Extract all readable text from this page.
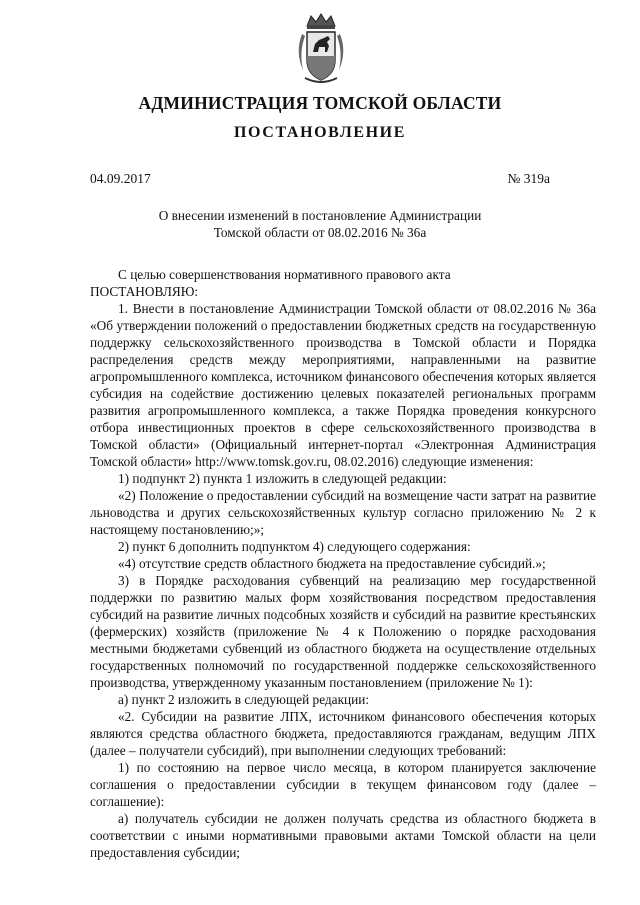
АДМИНИСТРАЦИЯ ТОМСКОЙ ОБЛАСТИ
ПОСТАНОВЛЕНИЕ
04.09.2017	№ 319а
О внесении изменений в постановление Администрации
Томской области от 08.02.2016 № 36а
С целью совершенствования нормативного правового акта
ПОСТАНОВЛЯЮ:
1. Внести в постановление Администрации Томской области от 08.02.2016 № 36а «Об утверждении положений о предоставлении бюджетных средств на государственную поддержку сельскохозяйственного производства в Томской области и Порядка распределения средств между мероприятиями, направленными на развитие агропромышленного комплекса, источником финансового обеспечения которых является субсидия на содействие достижению целевых показателей региональных программ развития агропромышленного комплекса, а также Порядка проведения конкурсного отбора инвестиционных проектов в сфере сельскохозяйственного производства в Томской области» (Официальный интернет-портал «Электронная Администрация Томской области» http://www.tomsk.gov.ru, 08.02.2016) следующие изменения:
1) подпункт 2) пункта 1 изложить в следующей редакции:
«2) Положение о предоставлении субсидий на возмещение части затрат на развитие льноводства и других сельскохозяйственных культур согласно приложению № 2 к настоящему постановлению;»;
2) пункт 6 дополнить подпунктом 4) следующего содержания:
«4) отсутствие средств областного бюджета на предоставление субсидий.»;
3) в Порядке расходования субвенций на реализацию мер государственной поддержки по развитию малых форм хозяйствования посредством предоставления субсидий на развитие личных подсобных хозяйств и субсидий на развитие крестьянских (фермерских) хозяйств (приложение № 4 к Положению о порядке расходования местными бюджетами субвенций из областного бюджета на осуществление отдельных государственных полномочий по государственной поддержке сельскохозяйственного производства, утвержденному указанным постановлением (приложение № 1):
а) пункт 2 изложить в следующей редакции:
«2. Субсидии на развитие ЛПХ, источником финансового обеспечения которых являются средства областного бюджета, предоставляются гражданам, ведущим ЛПХ (далее – получатели субсидий), при выполнении следующих требований:
1) по состоянию на первое число месяца, в котором планируется заключение соглашения о предоставлении субсидии в текущем финансовом году (далее – соглашение):
а) получатель субсидии не должен получать средства из областного бюджета в соответствии с иными нормативными правовыми актами Томской области на цели предоставления субсидии;
